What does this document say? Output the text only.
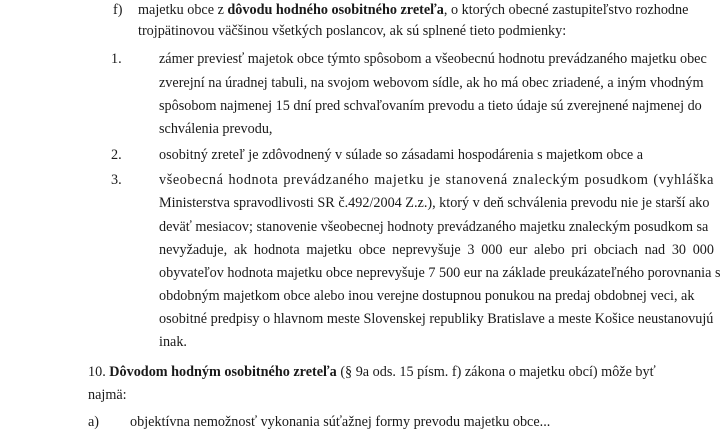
f) majetku obce z dôvodu hodného osobitného zreteľa, o ktorých obecné zastupiteľstvo rozhodne
trojpätinovou väčšinou všetkých poslancov, ak sú splnené tieto podmienky:
1.	zámer previesť majetok obce týmto spôsobom a všeobecnú hodnotu prevádzaného majetku obec
zverejní na úradnej tabuli, na svojom webovom sídle, ak ho má obec zriadené, a iným vhodným
spôsobom najmenej 15 dní pred schvaľovaním prevodu a tieto údaje sú zverejnené najmenej do
schválenia prevodu,
2.	osobitný zreteľ je zdôvodnený v súlade so zásadami hospodárenia s majetkom obce a
3.	všeobecná hodnota prevádzaného majetku je stanovená znaleckým posudkom (vyhláška
Ministerstva spravodlivosti SR č.492/2004 Z.z.), ktorý v deň schválenia prevodu nie je starší ako
deväť mesiacov; stanovenie všeobecnej hodnoty prevádzaného majetku znaleckým posudkom sa
nevyžaduje, ak hodnota majetku obce neprevyšuje 3 000 eur alebo pri obciach nad 30 000
obyvateľov hodnota majetku obce neprevyšuje 7 500 eur na základe preukázateľného porovnania s
obdobným majetkom obce alebo inou verejne dostupnou ponukou na predaj obdobnej veci, ak
osobitné predpisy o hlavnom meste Slovenskej republiky Bratislave a meste Košice neustanovujú
inak.
10. Dôvodom hodným osobitného zreteľa (§ 9a ods. 15 písm. f) zákona o majetku obcí) môže byť
najmä:
a) objektívna nemožnosť vykonania súťažnej formy prevodu majetku obce...
